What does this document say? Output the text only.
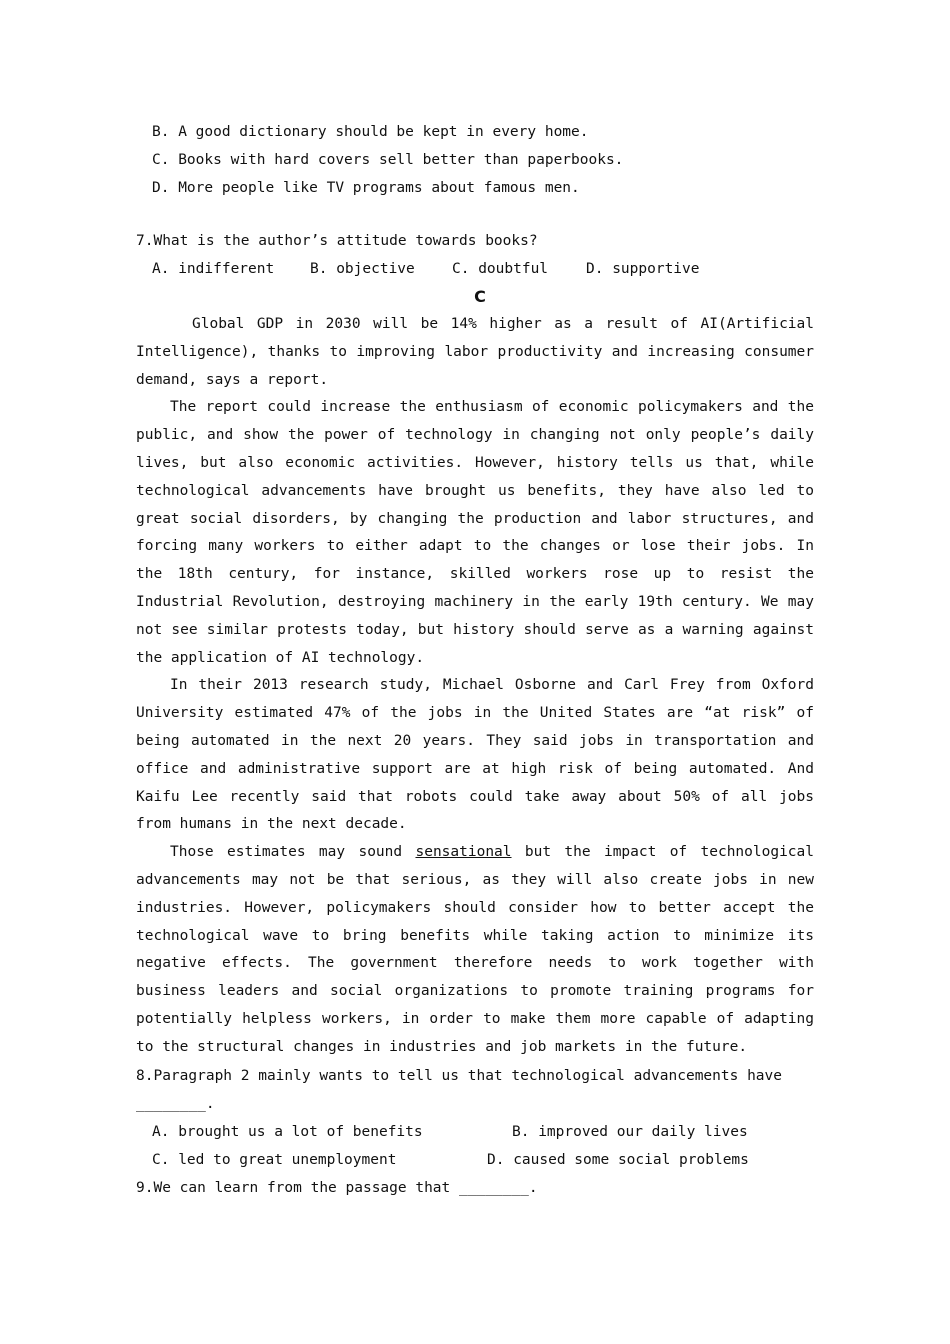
B. A good dictionary should be kept in every home.
C. Books with hard covers sell better than paperbooks.
D. More people like TV programs about famous men.
7.What is the author’s attitude towards books?
A. indifferent	B. objective	C. doubtful	D. supportive
C

Global GDP in 2030 will be 14% higher as a result of AI(Artificial Intelligence), thanks to improving labor productivity and increasing consumer demand, says a report.

The report could increase the enthusiasm of economic policymakers and the public, and show the power of technology in changing not only people’s daily lives, but also economic activities. However, history tells us that, while technological advancements have brought us benefits, they have also led to great social disorders, by changing the production and labor structures, and forcing many workers to either adapt to the changes or lose their jobs. In the 18th century, for instance, skilled workers rose up to resist the Industrial Revolution, destroying machinery in the early 19th century. We may not see similar protests today, but history should serve as a warning against the application of AI technology.

In their 2013 research study, Michael Osborne and Carl Frey from Oxford University estimated 47% of the jobs in the United States are “at risk” of being automated in the next 20 years. They said jobs in transportation and office and administrative support are at high risk of being automated. And Kaifu Lee recently said that robots could take away about 50% of all jobs from humans in the next decade.

Those estimates may sound sensational but the impact of technological advancements may not be that serious, as they will also create jobs in new industries. However, policymakers should consider how to better accept the technological wave to bring benefits while taking action to minimize its negative effects. The government therefore needs to work together with business leaders and social organizations to promote training programs for potentially helpless workers, in order to make them more capable of adapting to the structural changes in industries and job markets in the future.

8.Paragraph 2 mainly wants to tell us that technological advancements have
________.
A. brought us a lot of benefits	B. improved our daily lives
C. led to great unemployment	D. caused some social problems
9.We can learn from the passage that ________.
